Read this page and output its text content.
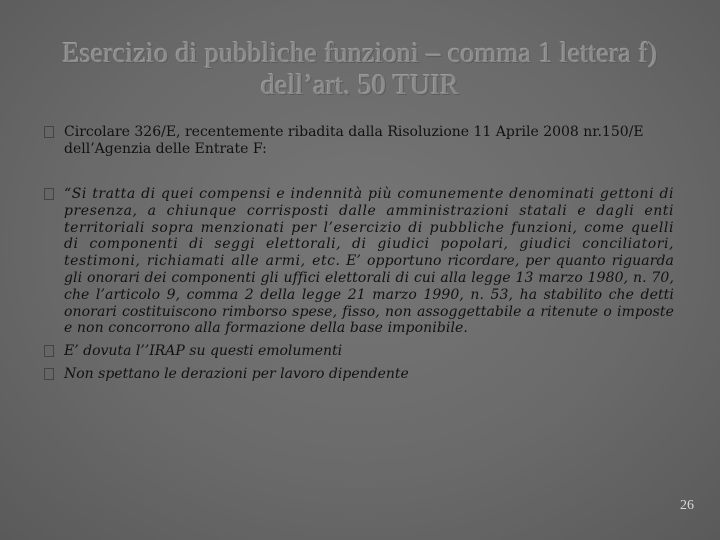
Esercizio di pubbliche funzioni – comma 1 lettera f) dell’art. 50 TUIR
Circolare 326/E, recentemente ribadita dalla Risoluzione 11 Aprile 2008 nr.150/E dell’Agenzia delle Entrate F:
“Si tratta di quei compensi e indennità più comunemente denominati gettoni di presenza, a chiunque corrisposti dalle amministrazioni statali e dagli enti territoriali sopra menzionati per l’esercizio di pubbliche funzioni, come quelli di componenti di seggi elettorali, di giudici popolari, giudici conciliatori, testimoni, richiamati alle armi, etc. E’ opportuno ricordare, per quanto riguarda gli onorari dei componenti gli uffici elettorali di cui alla legge 13 marzo 1980, n. 70, che l’articolo 9, comma 2 della legge 21 marzo 1990, n. 53, ha stabilito che detti onorari costituiscono rimborso spese, fisso, non assoggettabile a ritenute o imposte e non concorrono alla formazione della base imponibile.
E’ dovuta l’’IRAP su questi emolumenti
Non spettano le derazioni per lavoro dipendente
26
